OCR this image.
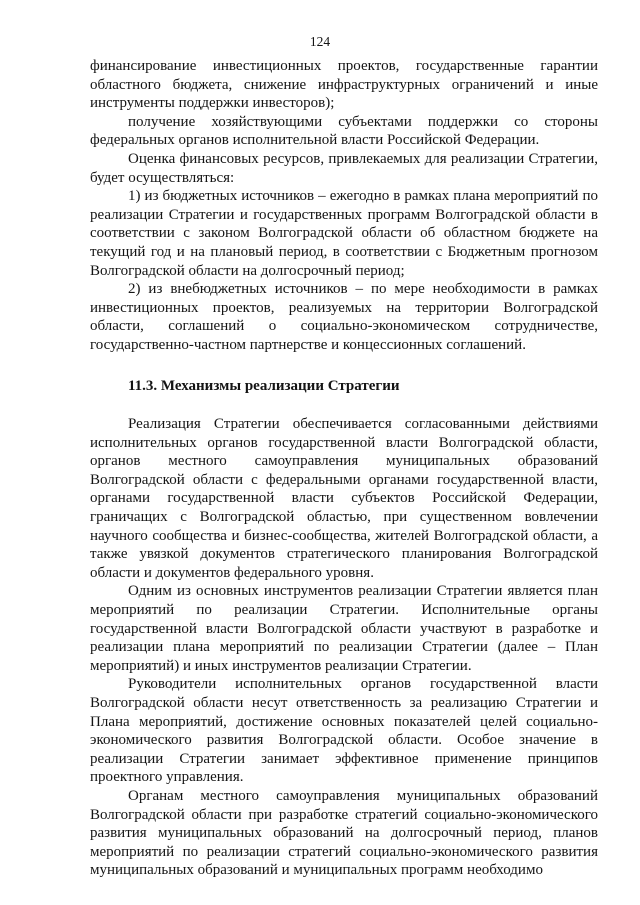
124

финансирование инвестиционных проектов, государственные гарантии областного бюджета, снижение инфраструктурных ограничений и иные инструменты поддержки инвесторов);

получение хозяйствующими субъектами поддержки со стороны федеральных органов исполнительной власти Российской Федерации.

Оценка финансовых ресурсов, привлекаемых для реализации Стратегии, будет осуществляться:

1) из бюджетных источников – ежегодно в рамках плана мероприятий по реализации Стратегии и государственных программ Волгоградской области в соответствии с законом Волгоградской области об областном бюджете на текущий год и на плановый период, в соответствии с Бюджетным прогнозом Волгоградской области на долгосрочный период;

2) из внебюджетных источников – по мере необходимости в рамках инвестиционных проектов, реализуемых на территории Волгоградской области, соглашений о социально-экономическом сотрудничестве, государственно-частном партнерстве и концессионных соглашений.

11.3. Механизмы реализации Стратегии

Реализация Стратегии обеспечивается согласованными действиями исполнительных органов государственной власти Волгоградской области, органов местного самоуправления муниципальных образований Волгоградской области с федеральными органами государственной власти, органами государственной власти субъектов Российской Федерации, граничащих с Волгоградской областью, при существенном вовлечении научного сообщества и бизнес-сообщества, жителей Волгоградской области, а также увязкой документов стратегического планирования Волгоградской области и документов федерального уровня.

Одним из основных инструментов реализации Стратегии является план мероприятий по реализации Стратегии. Исполнительные органы государственной власти Волгоградской области участвуют в разработке и реализации плана мероприятий по реализации Стратегии (далее – План мероприятий) и иных инструментов реализации Стратегии.

Руководители исполнительных органов государственной власти Волгоградской области несут ответственность за реализацию Стратегии и Плана мероприятий, достижение основных показателей целей социально-экономического развития Волгоградской области. Особое значение в реализации Стратегии занимает эффективное применение принципов проектного управления.

Органам местного самоуправления муниципальных образований Волгоградской области при разработке стратегий социально-экономического развития муниципальных образований на долгосрочный период, планов мероприятий по реализации стратегий социально-экономического развития муниципальных образований и муниципальных программ необходимо
